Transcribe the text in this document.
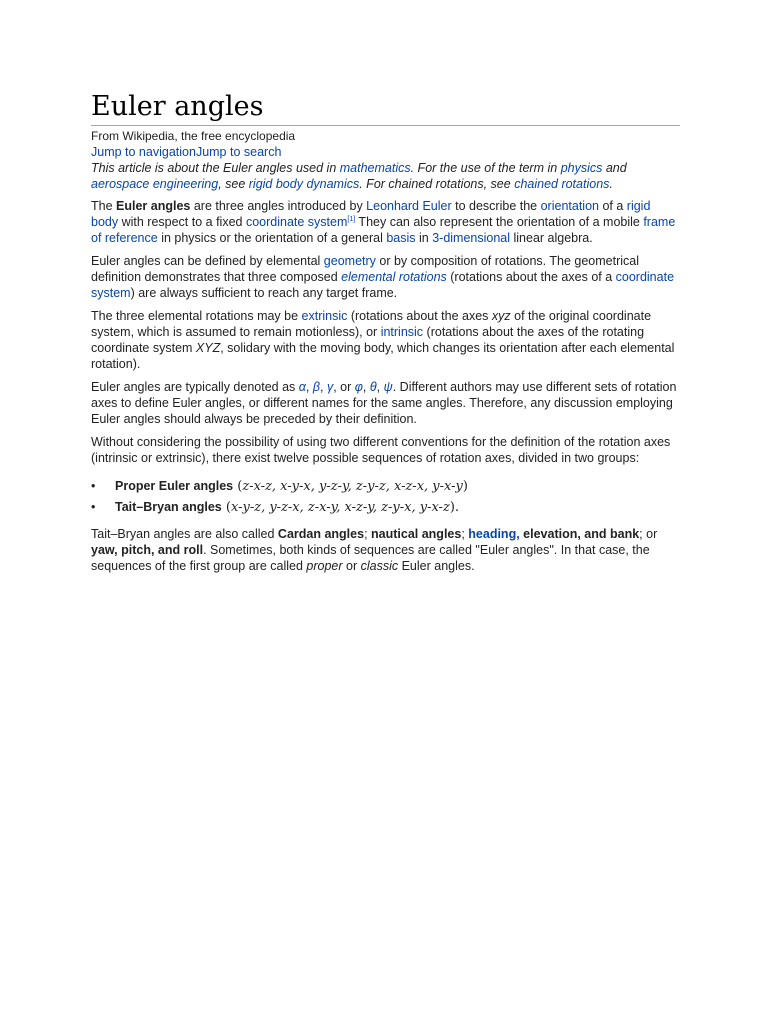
Euler angles
From Wikipedia, the free encyclopedia
Jump to navigationJump to search
This article is about the Euler angles used in mathematics. For the use of the term in physics and aerospace engineering, see rigid body dynamics. For chained rotations, see chained rotations.

The Euler angles are three angles introduced by Leonhard Euler to describe the orientation of a rigid body with respect to a fixed coordinate system[1] They can also represent the orientation of a mobile frame of reference in physics or the orientation of a general basis in 3-dimensional linear algebra.

Euler angles can be defined by elemental geometry or by composition of rotations. The geometrical definition demonstrates that three composed elemental rotations (rotations about the axes of a coordinate system) are always sufficient to reach any target frame.

The three elemental rotations may be extrinsic (rotations about the axes xyz of the original coordinate system, which is assumed to remain motionless), or intrinsic (rotations about the axes of the rotating coordinate system XYZ, solidary with the moving body, which changes its orientation after each elemental rotation).

Euler angles are typically denoted as α, β, γ, or φ, θ, ψ. Different authors may use different sets of rotation axes to define Euler angles, or different names for the same angles. Therefore, any discussion employing Euler angles should always be preceded by their definition.

Without considering the possibility of using two different conventions for the definition of the rotation axes (intrinsic or extrinsic), there exist twelve possible sequences of rotation axes, divided in two groups:

• Proper Euler angles (z-x-z, x-y-x, y-z-y, z-y-z, x-z-x, y-x-y)
• Tait–Bryan angles (x-y-z, y-z-x, z-x-y, x-z-y, z-y-x, y-x-z).

Tait–Bryan angles are also called Cardan angles; nautical angles; heading, elevation, and bank; or yaw, pitch, and roll. Sometimes, both kinds of sequences are called "Euler angles". In that case, the sequences of the first group are called proper or classic Euler angles.
